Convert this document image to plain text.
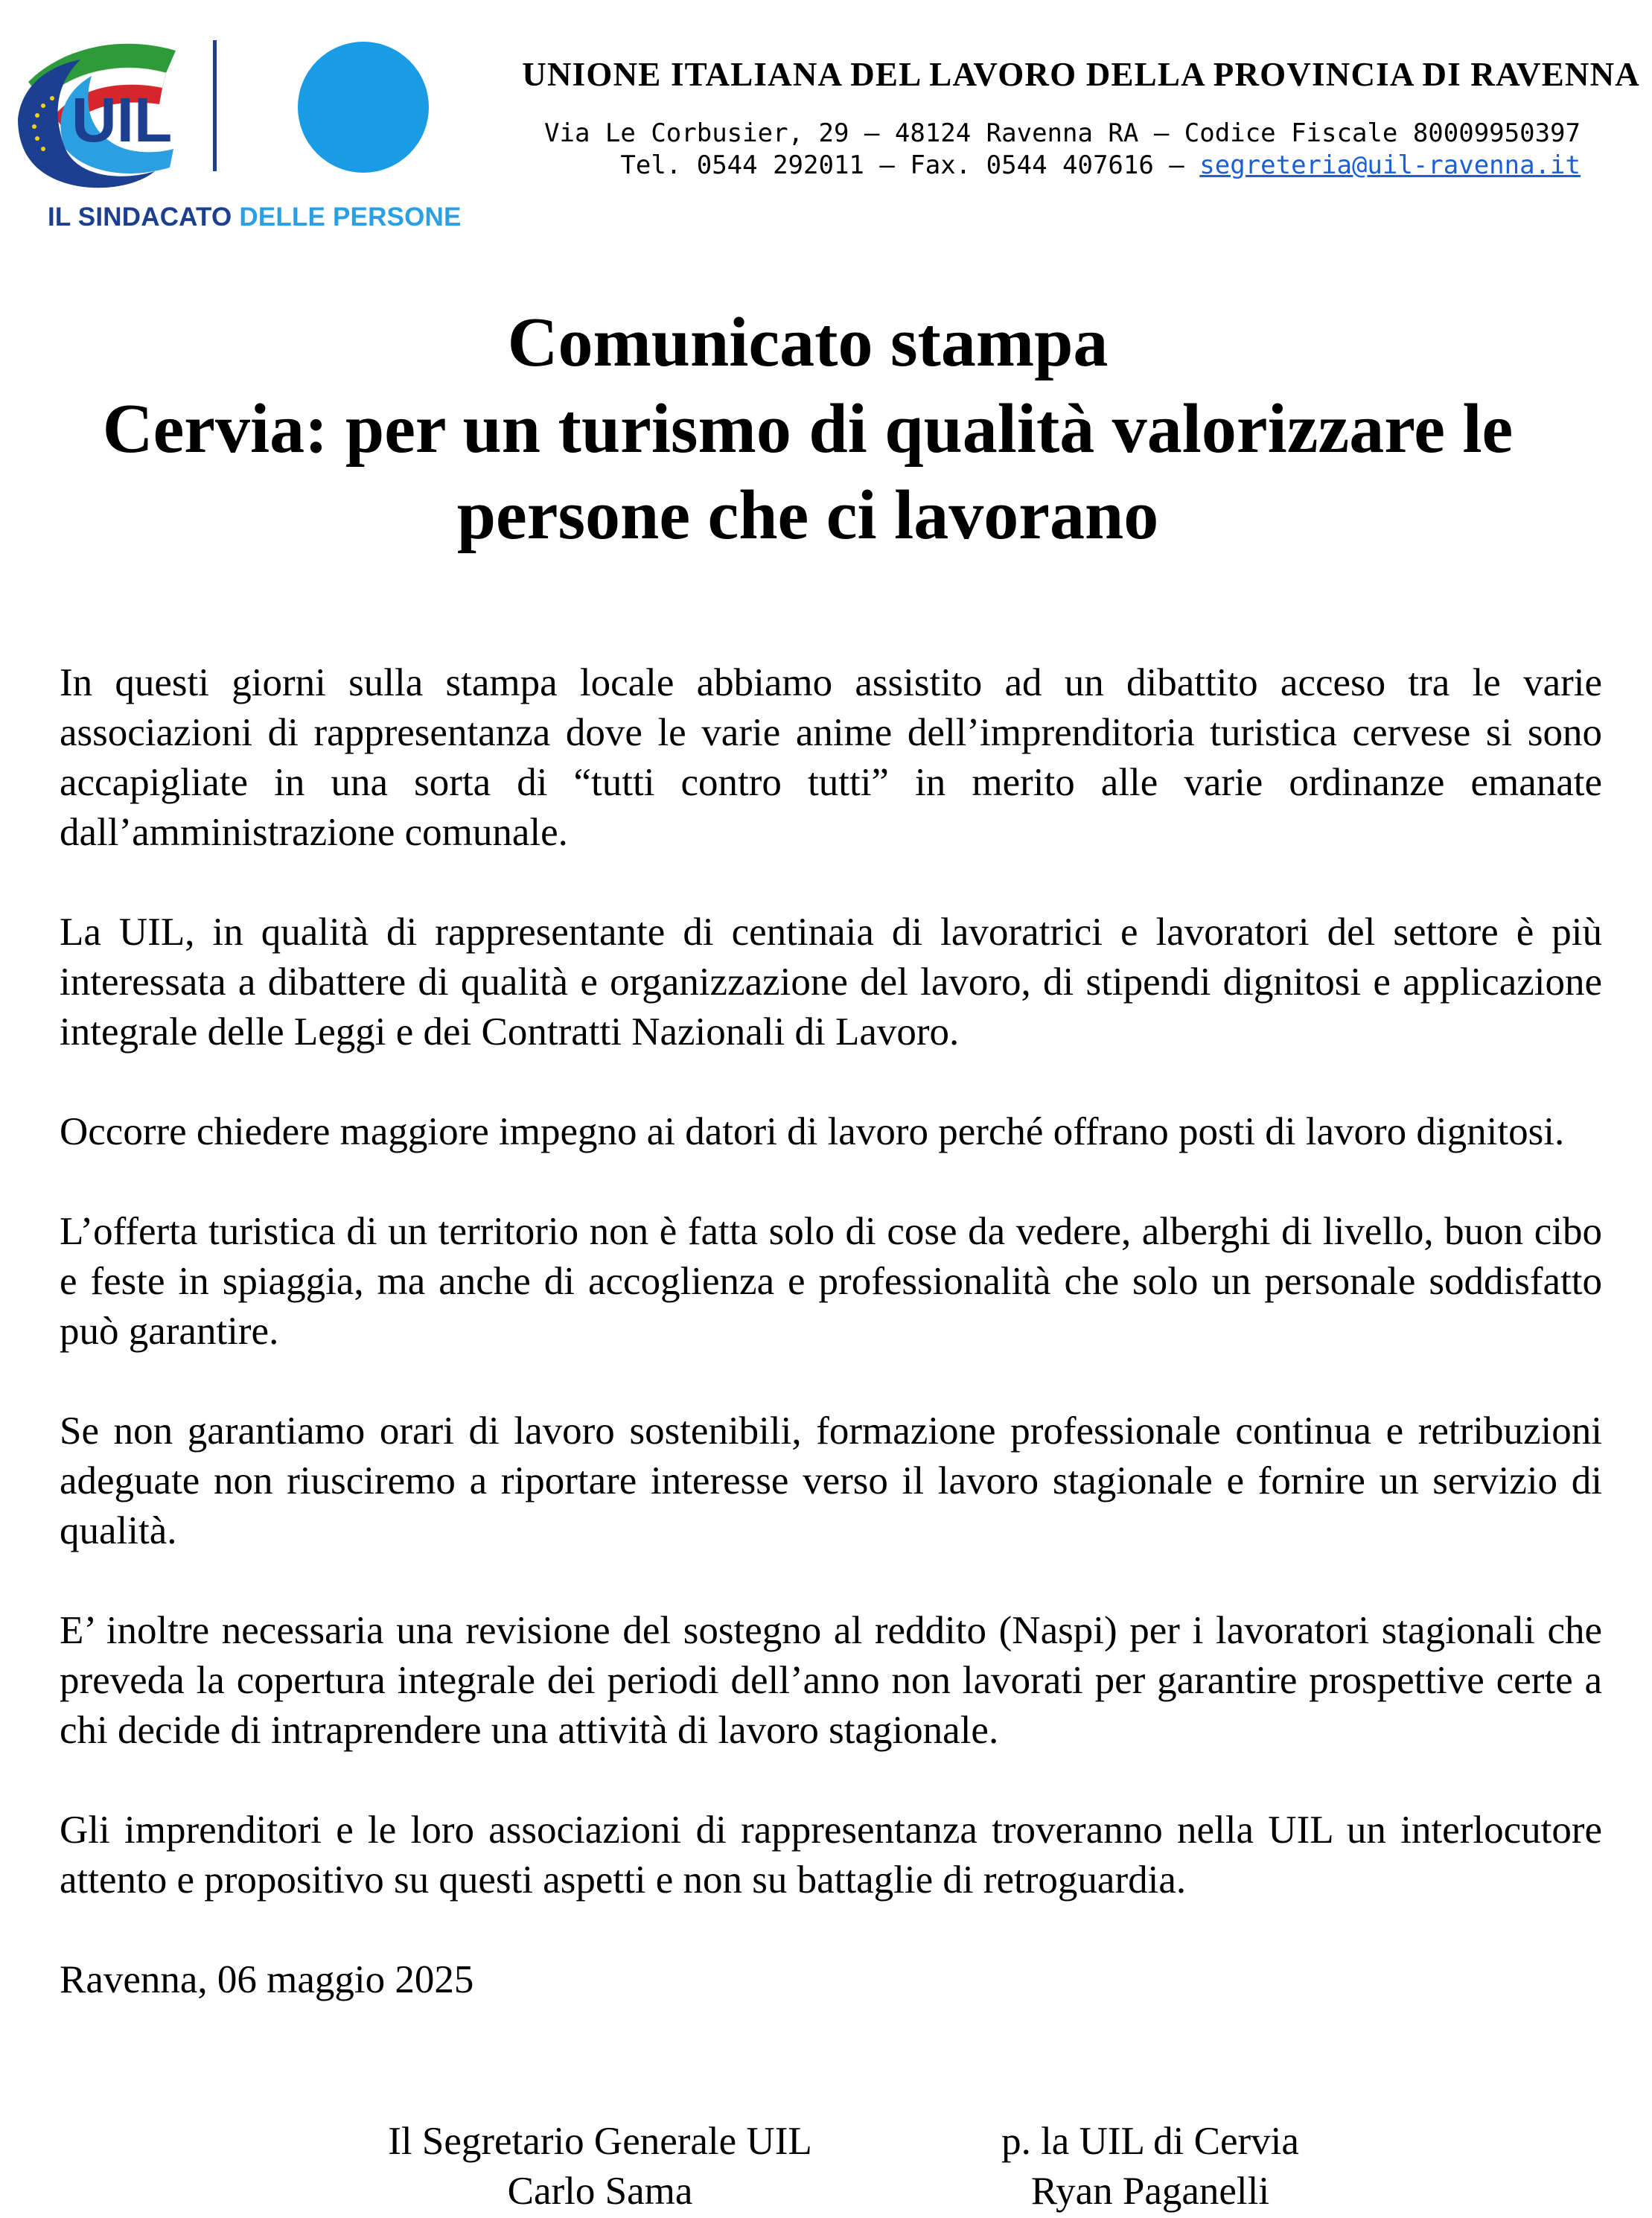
UIL
IL SINDACATO DELLE PERSONE

UNIONE ITALIANA DEL LAVORO DELLA PROVINCIA DI RAVENNA

Via Le Corbusier, 29 – 48124 Ravenna RA – Codice Fiscale 80009950397
Tel. 0544 292011 – Fax. 0544 407616 – segreteria@uil-ravenna.it

Comunicato stampa

Cervia: per un turismo di qualità valorizzare le

persone che ci lavorano

In questi giorni sulla stampa locale abbiamo assistito ad un dibattito acceso tra le varie associazioni di rappresentanza dove le varie anime dell’imprenditoria turistica cervese si sono accapigliate in una sorta di “tutti contro tutti” in merito alle varie ordinanze emanate dall’amministrazione comunale.

La UIL, in qualità di rappresentante di centinaia di lavoratrici e lavoratori del settore è più interessata a dibattere di qualità e organizzazione del lavoro, di stipendi dignitosi e applicazione integrale delle Leggi e dei Contratti Nazionali di Lavoro.

Occorre chiedere maggiore impegno ai datori di lavoro perché offrano posti di lavoro dignitosi.

L’offerta turistica di un territorio non è fatta solo di cose da vedere, alberghi di livello, buon cibo e feste in spiaggia, ma anche di accoglienza e professionalità che solo un personale soddisfatto può garantire.

Se non garantiamo orari di lavoro sostenibili, formazione professionale continua e retribuzioni adeguate non riusciremo a riportare interesse verso il lavoro stagionale e fornire un servizio di qualità.

E’ inoltre necessaria una revisione del sostegno al reddito (Naspi) per i lavoratori stagionali che preveda la copertura integrale dei periodi dell’anno non lavorati per garantire prospettive certe a chi decide di intraprendere una attività di lavoro stagionale.

Gli imprenditori e le loro associazioni di rappresentanza troveranno nella UIL un interlocutore attento e propositivo su questi aspetti e non su battaglie di retroguardia.

Ravenna, 06 maggio 2025

Il Segretario Generale UIL
Carlo Sama
p. la UIL di Cervia
Ryan Paganelli
